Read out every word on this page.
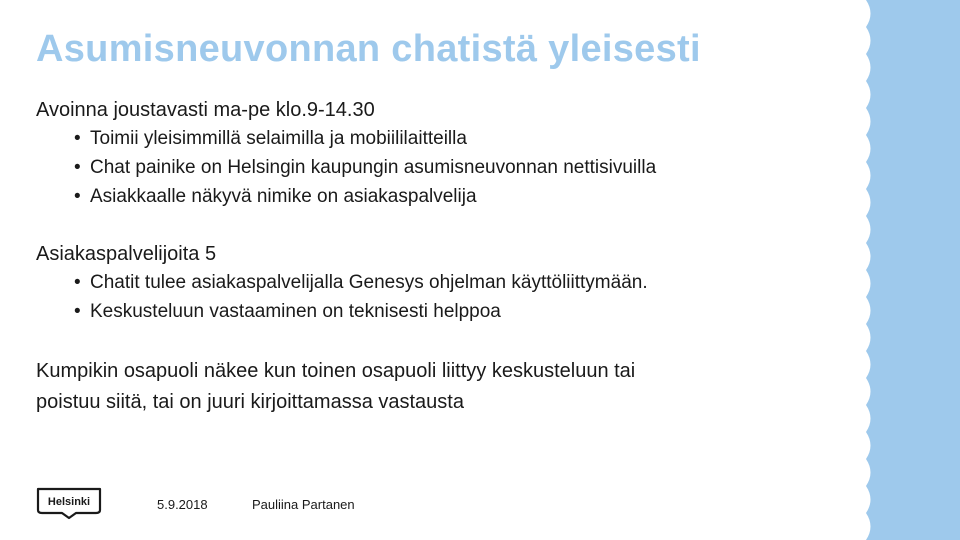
Asumisneuvonnan chatistä yleisesti

Avoinna joustavasti ma-pe klo.9-14.30

• Toimii yleisimmillä selaimilla ja mobiililaitteilla
• Chat painike on Helsingin kaupungin asumisneuvonnan nettisivuilla
• Asiakkaalle näkyvä nimike on asiakaspalvelija

Asiakaspalvelijoita 5

• Chatit tulee asiakaspalvelijalla Genesys ohjelman käyttöliittymään.
• Keskusteluun vastaaminen on teknisesti helppoa

Kumpikin osapuoli näkee kun toinen osapuoli liittyy keskusteluun tai

poistuu siitä, tai on juuri kirjoittamassa vastausta

Helsinki	5.9.2018	Pauliina Partanen
